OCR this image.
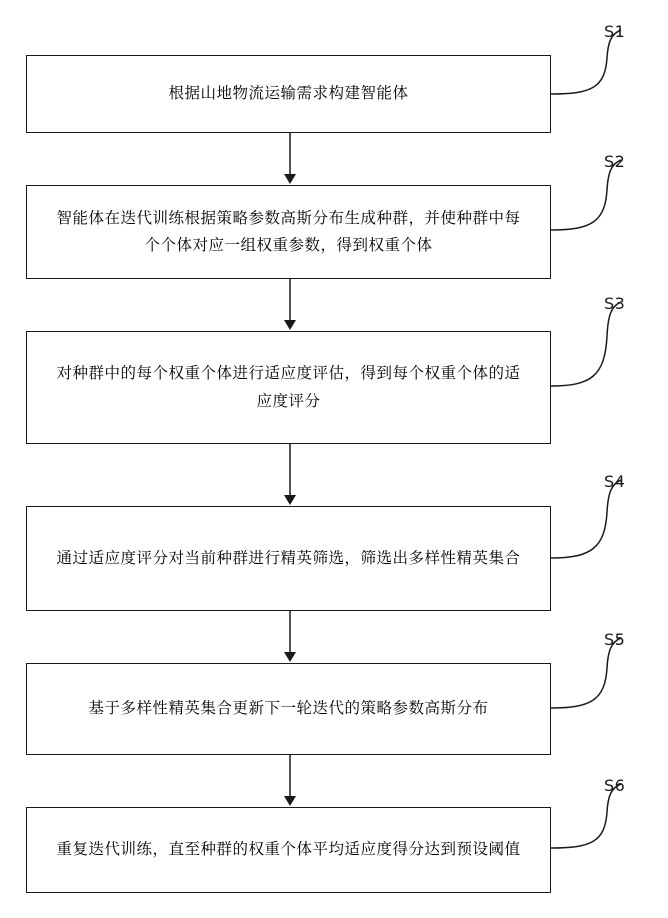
根据山地物流运输需求构建智能体
S1
智能体在迭代训练根据策略参数高斯分布生成种群，并使种群中每个个体对应一组权重参数，得到权重个体
S2
对种群中的每个权重个体进行适应度评估，得到每个权重个体的适应度评分
S3
通过适应度评分对当前种群进行精英筛选，筛选出多样性精英集合
S4
基于多样性精英集合更新下一轮迭代的策略参数高斯分布
S5
重复迭代训练，直至种群的权重个体平均适应度得分达到预设阈值
S6
